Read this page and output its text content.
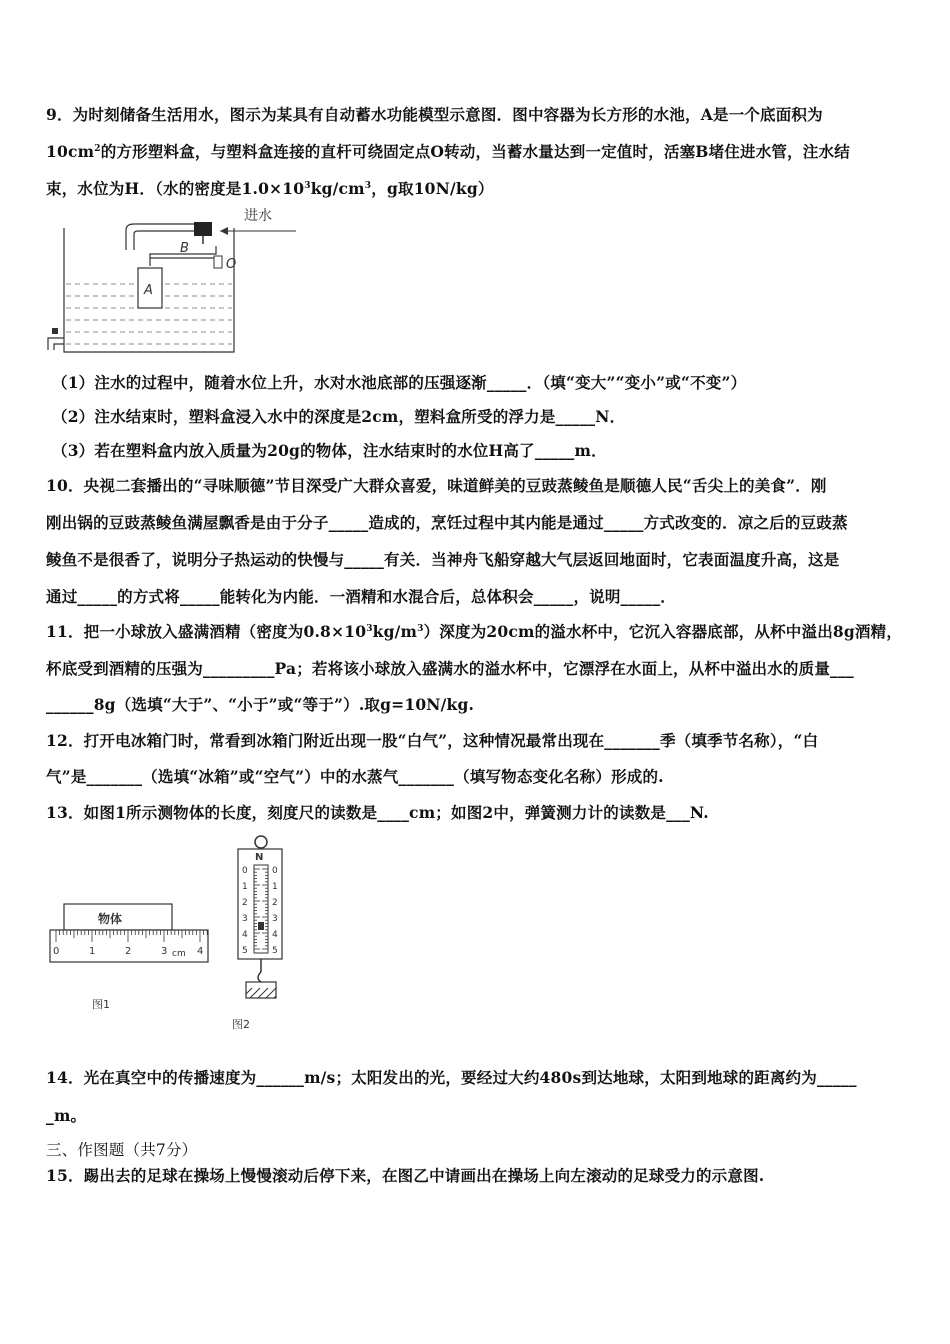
9．为时刻储备生活用水，图示为某具有自动蓄水功能模型示意图．图中容器为长方形的水池，A是一个底面积为
$10cm^2$的方形塑料盒，与塑料盒连接的直杆可绕固定点O转动，当蓄水量达到一定值时，活塞B堵住进水管，注水结
束，水位为H．（水的密度是$1.0\times 10^3kg/cm^3$，g取10N/kg）
进水
B
O
A
（1）注水的过程中，随着水位上升，水对水池底部的压强逐渐_____．（填“变大”“变小”或“不变”）
（2）注水结束时，塑料盒浸入水中的深度是2cm，塑料盒所受的浮力是_____N．
（3）若在塑料盒内放入质量为20g的物体，注水结束时的水位H高了_____m．
10．央视二套播出的“寻味顺德”节目深受广大群众喜爱，味道鲜美的豆豉蒸鲮鱼是顺德人民“舌尖上的美食”．刚
刚出锅的豆豉蒸鲮鱼满屋飘香是由于分子_____造成的，烹饪过程中其内能是通过_____方式改变的．凉之后的豆豉蒸
鲮鱼不是很香了，说明分子热运动的快慢与_____有关．当神舟飞船穿越大气层返回地面时，它表面温度升高，这是
通过_____的方式将_____能转化为内能．一酒精和水混合后，总体积会_____，说明_____．
11．把一小球放入盛满酒精（密度为$0.8\times 10^3kg/m^3$）深度为20cm的溢水杯中，它沉入容器底部，从杯中溢出8g酒精，
杯底受到酒精的压强为_________Pa；若将该小球放入盛满水的溢水杯中，它漂浮在水面上，从杯中溢出水的质量___
______8g（选填“大于”、“小于”或“等于”）.取g=10N/kg.
12．打开电冰箱门时，常看到冰箱门附近出现一股“白气”，这种情况最常出现在_______季（填季节名称），“白
气”是_______（选填“冰箱”或“空气”）中的水蒸气_______（填写物态变化名称）形成的.
13．如图1所示测物体的长度，刻度尺的读数是____cm；如图2中，弹簧测力计的读数是___N.
物体
0	1	2	3	4
cm
图1
N
0	0
1	1
2	2
3	3
4	4
5	5
图2
14．光在真空中的传播速度为______m/s；太阳发出的光，要经过大约480s到达地球，太阳到地球的距离约为_____
_m。
三、作图题（共7分）
15．踢出去的足球在操场上慢慢滚动后停下来，在图乙中请画出在操场上向左滚动的足球受力的示意图.
